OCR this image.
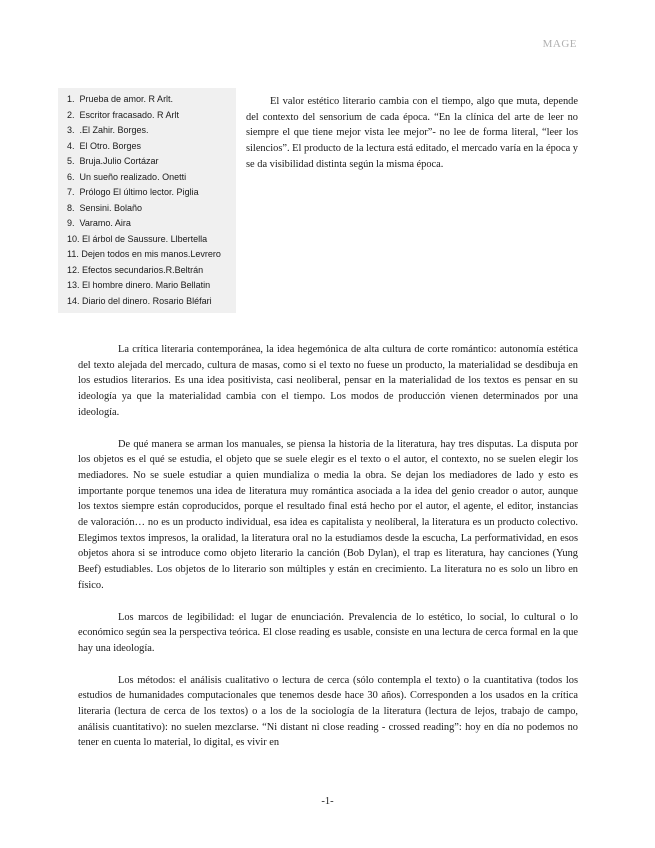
MAGE
1. Prueba de amor. R Arlt.
2. Escritor fracasado. R Arlt
3. .El Zahir. Borges.
4. El Otro. Borges
5. Bruja.Julio Cortázar
6. Un sueño realizado. Onetti
7. Prólogo El último lector. Piglia
8. Sensini. Bolaño
9. Varamo. Aira
10. El árbol de Saussure. Llbertella
11. Dejen todos en mis manos.Levrero
12. Efectos secundarios.R.Beltrán
13. El hombre dinero. Mario Bellatin
14. Diario del dinero. Rosario Bléfari

El valor estético literario cambia con el tiempo, algo que muta, depende del contexto del sensorium de cada época. “En la clínica del arte de leer no siempre el que tiene mejor vista lee mejor”- no lee de forma literal, “leer los silencios”. El producto de la lectura está editado, el mercado varía en la época y se da visibilidad distinta según la misma época.

La crítica literaria contemporánea, la idea hegemónica de alta cultura de corte romántico: autonomía estética del texto alejada del mercado, cultura de masas, como si el texto no fuese un producto, la materialidad se desdibuja en los estudios literarios. Es una idea positivista, casi neoliberal, pensar en la materialidad de los textos es pensar en su ideología ya que la materialidad cambia con el tiempo. Los modos de producción vienen determinados por una ideología.

De qué manera se arman los manuales, se piensa la historia de la literatura, hay tres disputas. La disputa por los objetos es el qué se estudia, el objeto que se suele elegir es el texto o el autor, el contexto, no se suelen elegir los mediadores. No se suele estudiar a quien mundializa o media la obra. Se dejan los mediadores de lado y esto es importante porque tenemos una idea de literatura muy romántica asociada a la idea del genio creador o autor, aunque los textos siempre están coproducidos, porque el resultado final está hecho por el autor, el agente, el editor, instancias de valoración… no es un producto individual, esa idea es capitalista y neolíberal, la literatura es un producto colectivo. Elegimos textos impresos, la oralidad, la literatura oral no la estudiamos desde la escucha, La performatividad, en esos objetos ahora si se introduce como objeto literario la canción (Bob Dylan), el trap es literatura, hay canciones (Yung Beef) estudiables. Los objetos de lo literario son múltiples y están en crecimiento. La literatura no es solo un libro en físico.

Los marcos de legibilidad: el lugar de enunciación. Prevalencia de lo estético, lo social, lo cultural o lo económico según sea la perspectiva teórica. El close reading es usable, consiste en una lectura de cerca formal en la que hay una ideología.

Los métodos: el análisis cualitativo o lectura de cerca (sólo contempla el texto) o la cuantitativa (todos los estudios de humanidades computacionales que tenemos desde hace 30 años). Corresponden a los usados en la crítica literaria (lectura de cerca de los textos) o a los de la sociología de la literatura (lectura de lejos, trabajo de campo, análisis cuantitativo): no suelen mezclarse. “Ni distant ni close reading - crossed reading”: hoy en día no podemos no tener en cuenta lo material, lo digital, es vivir en

-1-
